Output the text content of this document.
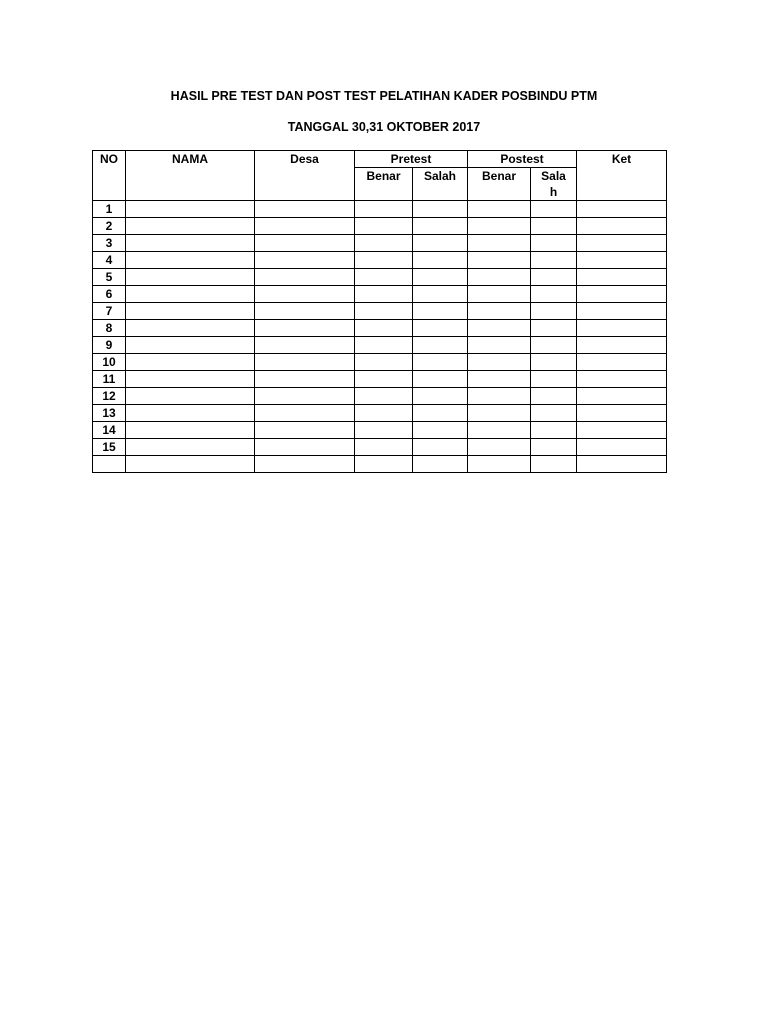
HASIL PRE TEST DAN POST TEST PELATIHAN KADER POSBINDU PTM
TANGGAL 30,31 OKTOBER 2017
NO	NAMA	Desa	Pretest		Postest		Ket
			Benar	Salah	Benar	Salah	
1							
2							
3							
4							
5							
6							
7							
8							
9							
10							
11							
12							
13							
14							
15							
